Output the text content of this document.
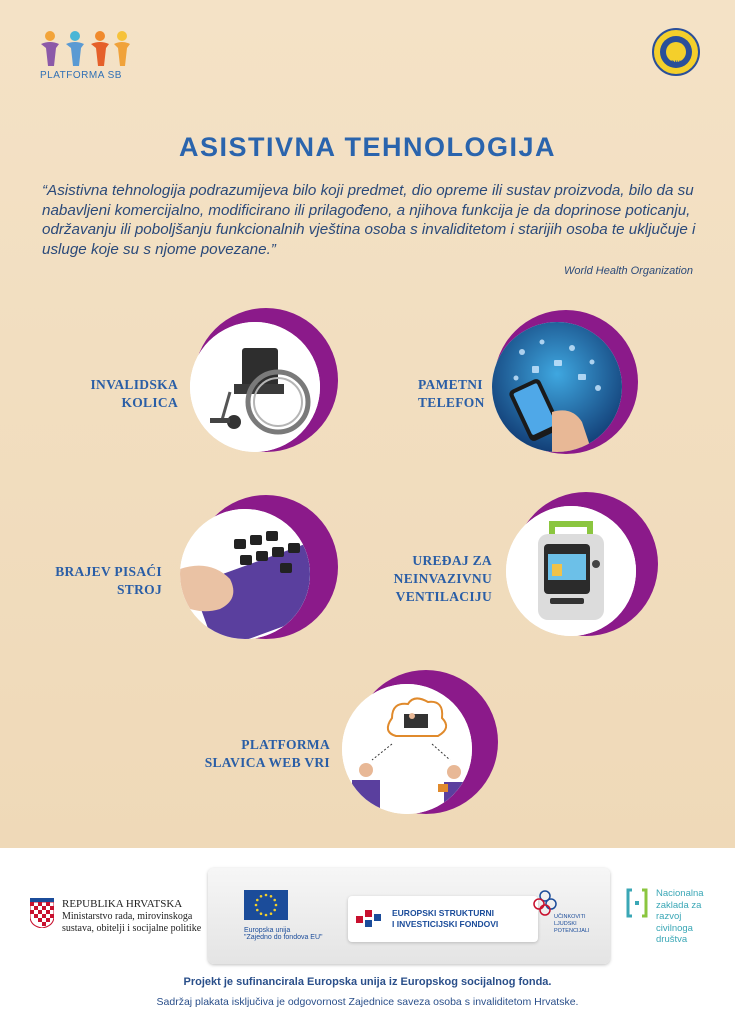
PLATFORMA SB
SOIH
ASISTIVNA TEHNOLOGIJA
“Asistivna tehnologija podrazumijeva bilo koji predmet, dio opreme ili sustav proizvoda, bilo da su nabavljeni komercijalno, modificirano ili prilagođeno, a njihova funkcija je da doprinose poticanju, održavanju ili poboljšanju funkcionalnih vještina osoba s invaliditetom i starijih osoba te uključuje i usluge koje su s njome povezane.”
World Health Organization
INVALIDSKA
KOLICA
PAMETNI
TELEFON
BRAJEV PISAĆI
STROJ
UREĐAJ ZA
NEINVAZIVNU
VENTILACIJU
PLATFORMA
SLAVICA WEB VRI
REPUBLIKA HRVATSKA
Ministarstvo rada, mirovinskoga
sustava, obitelji i socijalne politike	Europska unija
"Zajedno do fondova EU"
EUROPSKI STRUKTURNI
I INVESTICIJSKI FONDOVI
UČINKOVITI
LJUDSKI
POTENCIJALI
Nacionalna
zaklada za
razvoj
civilnoga
društva
Projekt je sufinancirala Europska unija iz Europskog socijalnog fonda.
Sadržaj plakata isključiva je odgovornost Zajednice saveza osoba s invaliditetom Hrvatske.
